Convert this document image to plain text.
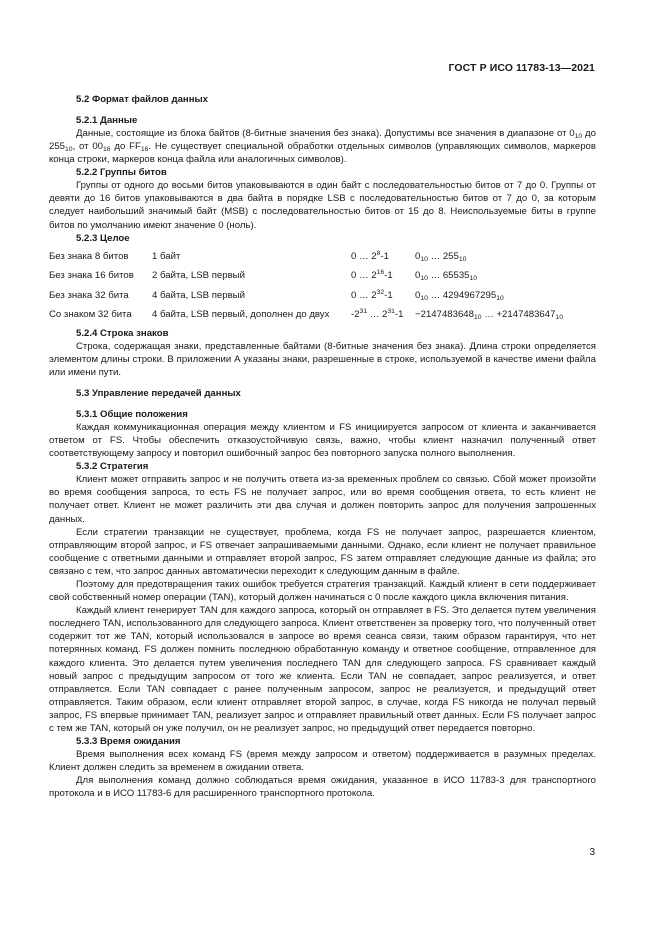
ГОСТ Р ИСО 11783-13—2021
5.2 Формат файлов данных
5.2.1 Данные

Данные, состоящие из блока байтов (8-битные значения без знака). Допустимы все значения в диапазоне от $0_{10}$ до $255_{10}$, от $00_{16}$ до $FF_{16}$. Не существует специальной обработки отдельных символов (управляющих символов, маркеров конца строки, маркеров конца файла или аналогичных символов).

5.2.2 Группы битов

Группы от одного до восьми битов упаковываются в один байт с последовательностью битов от 7 до 0. Группы от девяти до 16 битов упаковываются в два байта в порядке LSB с последовательностью битов от 7 до 0, за которым следует наибольший значимый байт (MSB) с последовательностью битов от 15 до 8. Неиспользуемые биты в группе битов по умолчанию имеют значение 0 (ноль).

5.2.3 Целое
Без знака 8 битов	1 байт	0 … $2^8-1$	$0_{10}$ … $255_{10}$
Без знака 16 битов	2 байта, LSB первый	0 … $2^{16}-1$	$0_{10}$ … $65535_{10}$
Без знака 32 бита	4 байта, LSB первый	0 … $2^{32}-1$	$0_{10}$ … $4294967295_{10}$
Со знаком 32 бита	4 байта, LSB первый, дополнен до двух	$-2^{31}$ … $2^{31}-1$	$-2147483648_{10}$ … $+2147483647_{10}$
5.2.4 Строка знаков

Строка, содержащая знаки, представленные байтами (8-битные значения без знака). Длина строки определяется элементом длины строки. В приложении А указаны знаки, разрешенные в строке, используемой в качестве имени файла или имени пути.

5.3 Управление передачей данных
5.3.1 Общие положения

Каждая коммуникационная операция между клиентом и FS инициируется запросом от клиента и заканчивается ответом от FS. Чтобы обеспечить отказоустойчивую связь, важно, чтобы клиент назначил полученный ответ соответствующему запросу и повторил ошибочный запрос без повторного запуска полного выполнения.

5.3.2 Стратегия

Клиент может отправить запрос и не получить ответа из-за временных проблем со связью. Сбой может произойти во время сообщения запроса, то есть FS не получает запрос, или во время сообщения ответа, то есть клиент не получает ответ. Клиент не может различить эти два случая и должен повторить запрос для получения запрошенных данных.

Если стратегии транзакции не существует, проблема, когда FS не получает запрос, разрешается клиентом, отправляющим второй запрос, и FS отвечает запрашиваемыми данными. Однако, если клиент не получает правильное сообщение с ответными данными и отправляет второй запрос, FS затем отправляет следующие данные из файла; это связано с тем, что запрос данных автоматически переходит к следующим данным в файле.

Поэтому для предотвращения таких ошибок требуется стратегия транзакций. Каждый клиент в сети поддерживает свой собственный номер операции (TAN), который должен начинаться с 0 после каждого цикла включения питания.

Каждый клиент генерирует TAN для каждого запроса, который он отправляет в FS. Это делается путем увеличения последнего TAN, использованного для следующего запроса. Клиент ответственен за проверку того, что полученный ответ содержит тот же TAN, который использовался в запросе во время сеанса связи, таким образом гарантируя, что нет потерянных команд. FS должен помнить последнюю обработанную команду и ответное сообщение, отправленное для каждого клиента. Это делается путем увеличения последнего TAN для следующего запроса. FS сравнивает каждый новый запрос с предыдущим запросом от того же клиента. Если TAN не совпадает, запрос реализуется, и ответ отправляется. Если TAN совпадает с ранее полученным запросом, запрос не реализуется, и предыдущий ответ отправляется. Таким образом, если клиент отправляет второй запрос, в случае, когда FS никогда не получал первый запрос, FS впервые принимает TAN, реализует запрос и отправляет правильный ответ данных. Если FS получает запрос с тем же TAN, который он уже получил, он не реализует запрос, но предыдущий ответ передается повторно.

5.3.3 Время ожидания

Время выполнения всех команд FS (время между запросом и ответом) поддерживается в разумных пределах. Клиент должен следить за временем в ожидании ответа.

Для выполнения команд должно соблюдаться время ожидания, указанное в ИСО 11783-3 для транспортного протокола и в ИСО 11783-6 для расширенного транспортного протокола.

3
